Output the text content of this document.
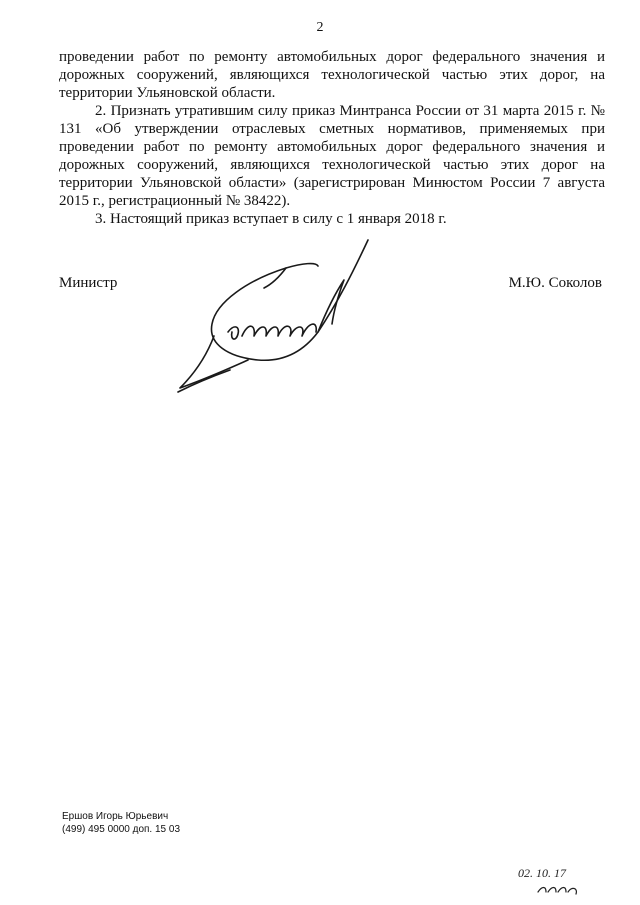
2

проведении работ по ремонту автомобильных дорог федерального значения и дорожных сооружений, являющихся технологической частью этих дорог, на территории Ульяновской области.

2. Признать утратившим силу приказ Минтранса России от 31 марта 2015 г. № 131 «Об утверждении отраслевых сметных нормативов, применяемых при проведении работ по ремонту автомобильных дорог федерального значения и дорожных сооружений, являющихся технологической частью этих дорог на территории Ульяновской области» (зарегистрирован Минюстом России 7 августа 2015 г., регистрационный № 38422).

3. Настоящий приказ вступает в силу с 1 января 2018 г.

Министр	М.Ю. Соколов
Ершов Игорь Юрьевич
(499) 495 0000 доп. 15 03
02. 10. 17
